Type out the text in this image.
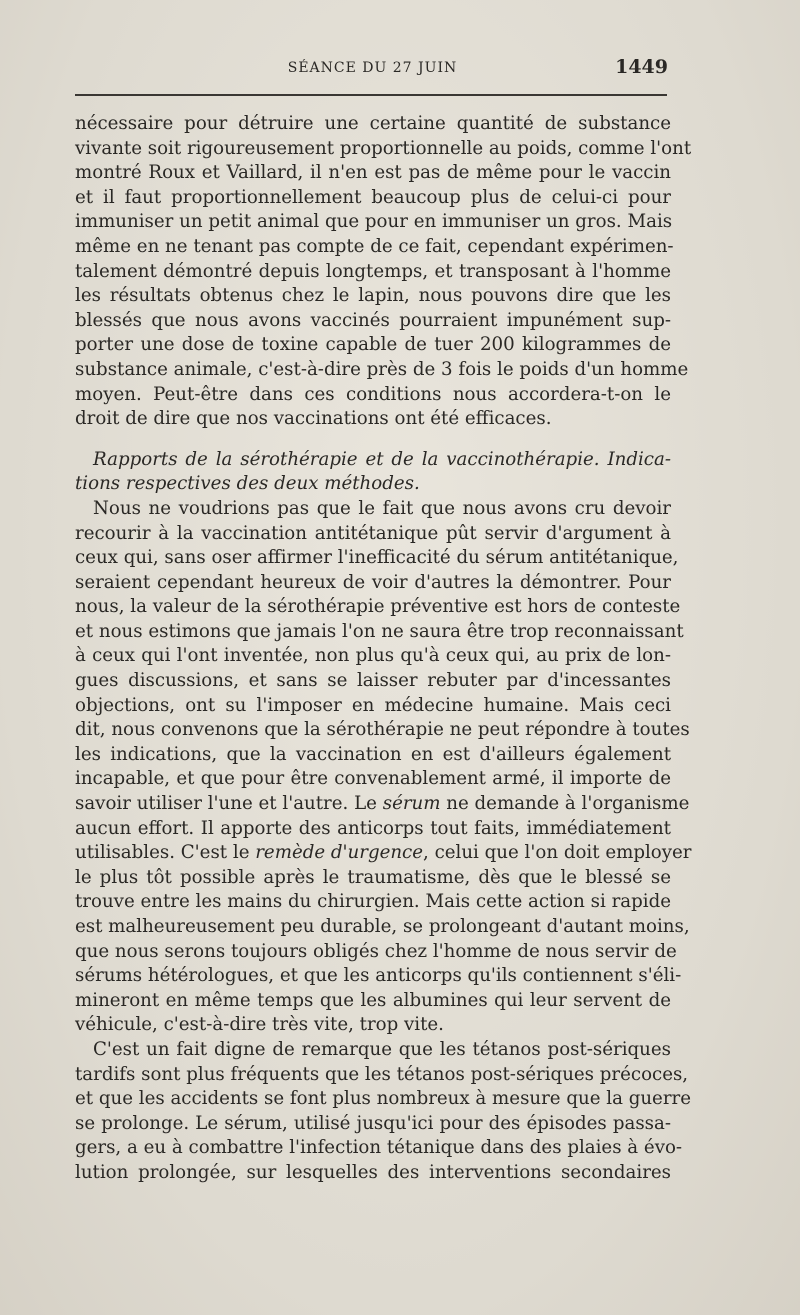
SÉANCE DU 27 JUIN	1449
nécessaire pour détruire une certaine quantité de substance
vivante soit rigoureusement proportionnelle au poids, comme l'ont
montré Roux et Vaillard, il n'en est pas de même pour le vaccin
et il faut proportionnellement beaucoup plus de celui-ci pour
immuniser un petit animal que pour en immuniser un gros. Mais
même en ne tenant pas compte de ce fait, cependant expérimen-
talement démontré depuis longtemps, et transposant à l'homme
les résultats obtenus chez le lapin, nous pouvons dire que les
blessés que nous avons vaccinés pourraient impunément sup-
porter une dose de toxine capable de tuer 200 kilogrammes de
substance animale, c'est-à-dire près de 3 fois le poids d'un homme
moyen. Peut-être dans ces conditions nous accordera-t-on le
droit de dire que nos vaccinations ont été efficaces.
Rapports de la sérothérapie et de la vaccinothérapie. Indica-
tions respectives des deux méthodes.
Nous ne voudrions pas que le fait que nous avons cru devoir
recourir à la vaccination antitétanique pût servir d'argument à
ceux qui, sans oser affirmer l'inefficacité du sérum antitétanique,
seraient cependant heureux de voir d'autres la démontrer. Pour
nous, la valeur de la sérothérapie préventive est hors de conteste
et nous estimons que jamais l'on ne saura être trop reconnaissant
à ceux qui l'ont inventée, non plus qu'à ceux qui, au prix de lon-
gues discussions, et sans se laisser rebuter par d'incessantes
objections, ont su l'imposer en médecine humaine. Mais ceci
dit, nous convenons que la sérothérapie ne peut répondre à toutes
les indications, que la vaccination en est d'ailleurs également
incapable, et que pour être convenablement armé, il importe de
savoir utiliser l'une et l'autre. Le sérum ne demande à l'organisme
aucun effort. Il apporte des anticorps tout faits, immédiatement
utilisables. C'est le remède d'urgence, celui que l'on doit employer
le plus tôt possible après le traumatisme, dès que le blessé se
trouve entre les mains du chirurgien. Mais cette action si rapide
est malheureusement peu durable, se prolongeant d'autant moins,
que nous serons toujours obligés chez l'homme de nous servir de
sérums hétérologues, et que les anticorps qu'ils contiennent s'éli-
mineront en même temps que les albumines qui leur servent de
véhicule, c'est-à-dire très vite, trop vite.
C'est un fait digne de remarque que les tétanos post-sériques
tardifs sont plus fréquents que les tétanos post-sériques précoces,
et que les accidents se font plus nombreux à mesure que la guerre
se prolonge. Le sérum, utilisé jusqu'ici pour des épisodes passa-
gers, a eu à combattre l'infection tétanique dans des plaies à évo-
lution prolongée, sur lesquelles des interventions secondaires
